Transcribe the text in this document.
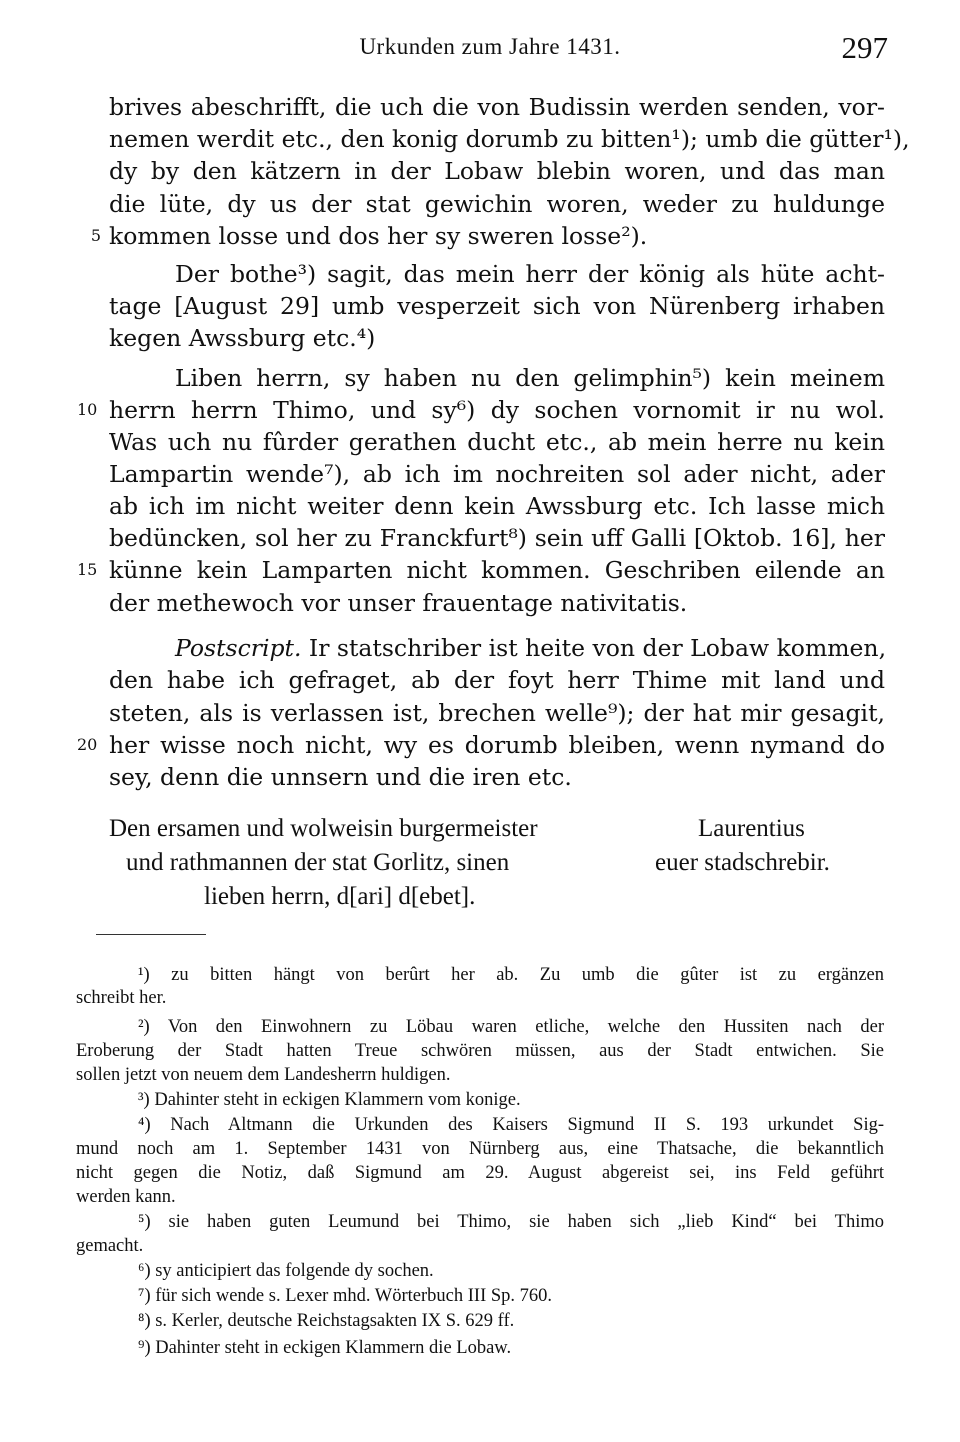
Urkunden zum Jahre 1431.	297
brives abeschrifft, die uch die von Budissin werden senden, vor-
nemen werdit etc., den konig dorumb zu bitten¹); umb die gütter¹),
dy by den kätzern in der Lobaw blebin woren, und das man
die lüte, dy us der stat gewichin woren, weder zu huldunge
kommen losse und dos her sy sweren losse²).
5
Der bothe³) sagit, das mein herr der könig als hüte acht-
tage [August 29] umb vesperzeit sich von Nürenberg irhaben
kegen Awssburg etc.⁴)
Liben herrn, sy haben nu den gelimphin⁵) kein meinem
herrn herrn Thimo, und sy⁶) dy sochen vornomit ir nu wol.
10
Was uch nu fûrder gerathen ducht etc., ab mein herre nu kein
Lampartin wende⁷), ab ich im nochreiten sol ader nicht, ader
ab ich im nicht weiter denn kein Awssburg etc. Ich lasse mich
bedüncken, sol her zu Franckfurt⁸) sein uff Galli [Oktob. 16], her
künne kein Lamparten nicht kommen. Geschriben eilende an
15
der methewoch vor unser frauentage nativitatis.
Postscript. Ir statschriber ist heite von der Lobaw kommen,
den habe ich gefraget, ab der foyt herr Thime mit land und
steten, als is verlassen ist, brechen welle⁹); der hat mir gesagit,
her wisse noch nicht, wy es dorumb bleiben, wenn nymand do
20
sey, denn die unnsern und die iren etc.
Den ersamen und wolweisin burgermeister
und rathmannen der stat Gorlitz, sinen
lieben herrn, d[ari] d[ebet].
Laurentius
euer stadschrebir.
¹) zu bitten hängt von berûrt her ab. Zu umb die gûter ist zu ergänzen
schreibt her.
²) Von den Einwohnern zu Löbau waren etliche, welche den Hussiten nach der
Eroberung der Stadt hatten Treue schwören müssen, aus der Stadt entwichen. Sie
sollen jetzt von neuem dem Landesherrn huldigen.
³) Dahinter steht in eckigen Klammern vom konige.
⁴) Nach Altmann die Urkunden des Kaisers Sigmund II S. 193 urkundet Sig-
mund noch am 1. September 1431 von Nürnberg aus, eine Thatsache, die bekanntlich
nicht gegen die Notiz, daß Sigmund am 29. August abgereist sei, ins Feld geführt
werden kann.
⁵) sie haben guten Leumund bei Thimo, sie haben sich „lieb Kind“ bei Thimo
gemacht.
⁶) sy anticipiert das folgende dy sochen.
⁷) für sich wende s. Lexer mhd. Wörterbuch III Sp. 760.
⁸) s. Kerler, deutsche Reichstagsakten IX S. 629 ff.
⁹) Dahinter steht in eckigen Klammern die Lobaw.
